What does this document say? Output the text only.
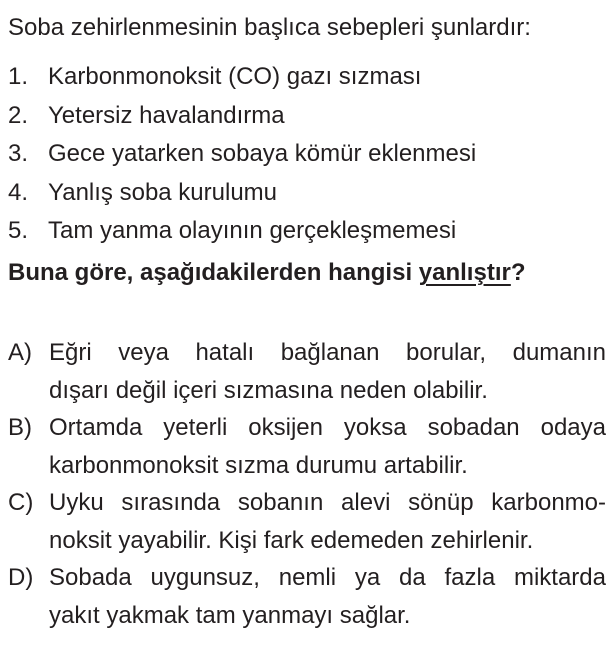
Soba zehirlenmesinin başlıca sebepleri şunlardır:
1. Karbonmonoksit (CO) gazı sızması
2. Yetersiz havalandırma
3. Gece yatarken sobaya kömür eklenmesi
4. Yanlış soba kurulumu
5. Tam yanma olayının gerçekleşmemesi
Buna göre, aşağıdakilerden hangisi yanlıştır?
A) Eğri veya hatalı bağlanan borular, dumanın
dışarı değil içeri sızmasına neden olabilir.
B) Ortamda yeterli oksijen yoksa sobadan odaya
karbonmonoksit sızma durumu artabilir.
C) Uyku sırasında sobanın alevi sönüp karbonmo-
noksit yayabilir. Kişi fark edemeden zehirlenir.
D) Sobada uygunsuz, nemli ya da fazla miktarda
yakıt yakmak tam yanmayı sağlar.
